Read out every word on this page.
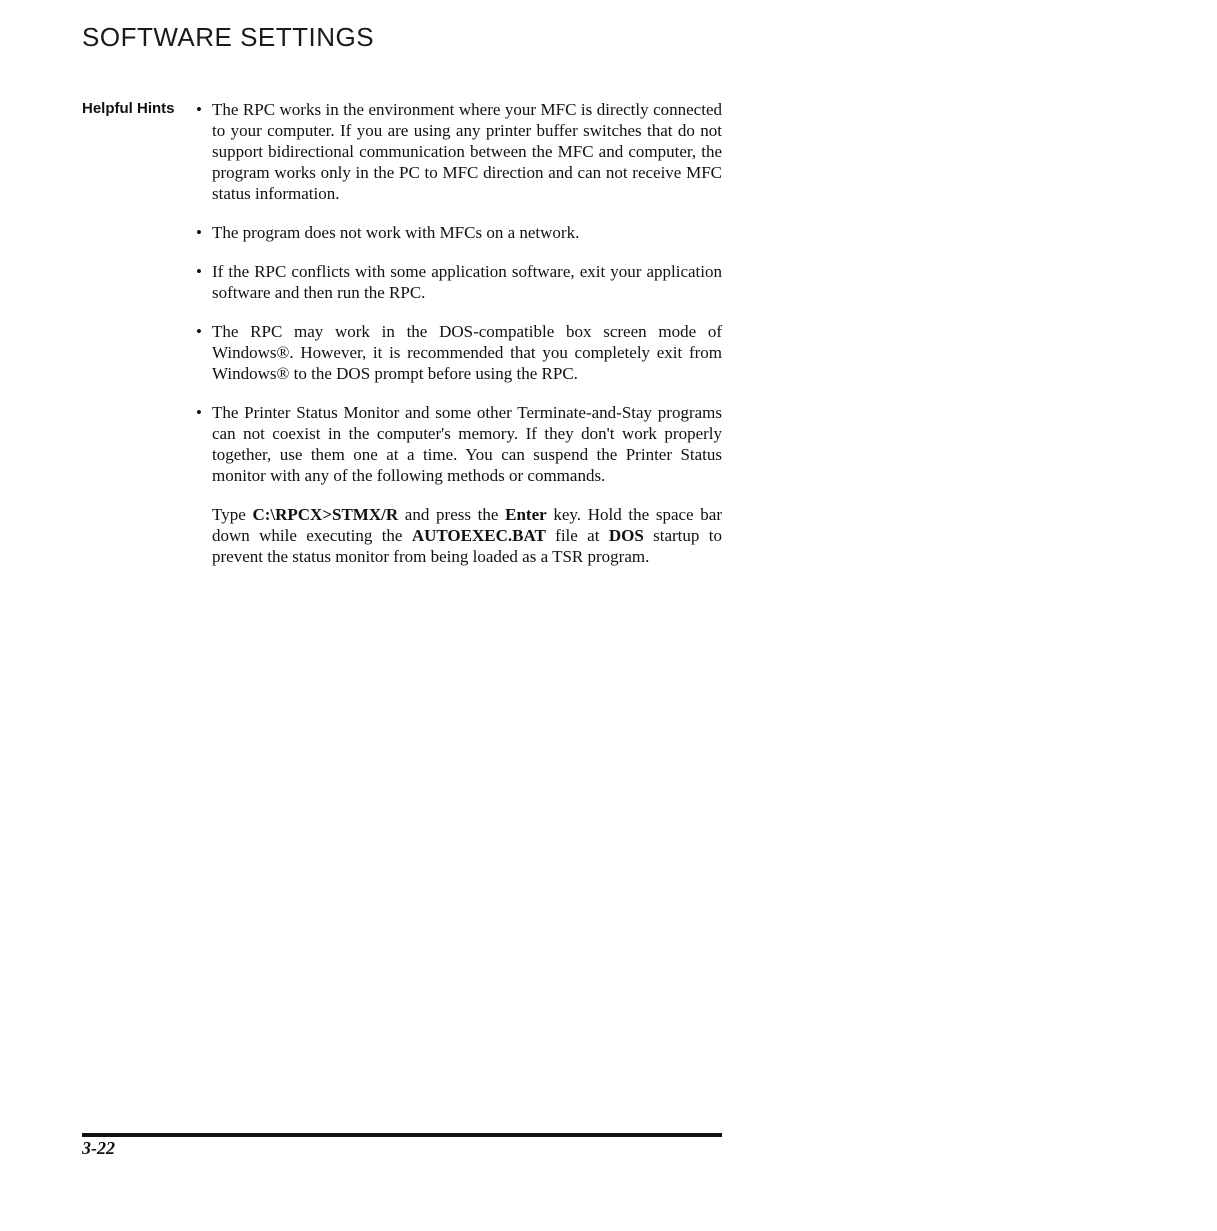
SOFTWARE SETTINGS
Helpful Hints • The RPC works in the environment where your MFC is directly connected to your computer. If you are using any printer buffer switches that do not support bidirectional communication between the MFC and computer, the program works only in the PC to MFC direction and can not receive MFC status information.
• The program does not work with MFCs on a network.
• If the RPC conflicts with some application software, exit your application software and then run the RPC.
• The RPC may work in the DOS-compatible box screen mode of Windows®. However, it is recommended that you completely exit from Windows® to the DOS prompt before using the RPC.
• The Printer Status Monitor and some other Terminate-and-Stay programs can not coexist in the computer's memory. If they don't work properly together, use them one at a time. You can suspend the Printer Status monitor with any of the following methods or commands.

Type C:\RPCX>STMX/R and press the Enter key. Hold the space bar down while executing the AUTOEXEC.BAT file at DOS startup to prevent the status monitor from being loaded as a TSR program.

3-22
